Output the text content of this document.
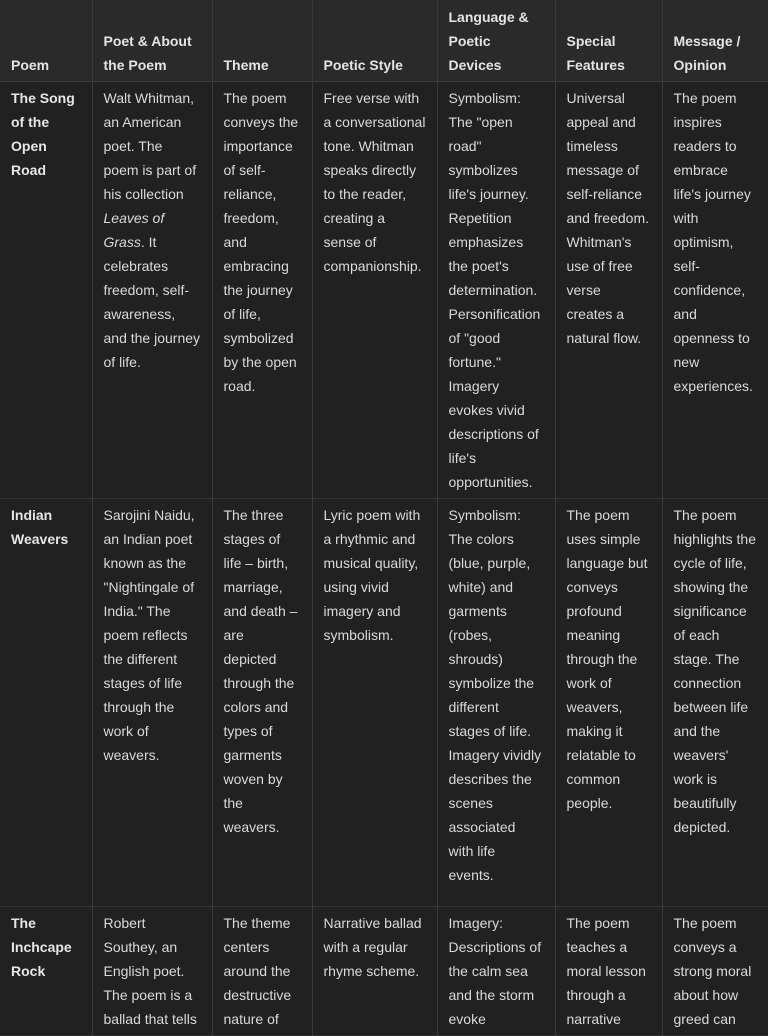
Poem	Poet & About the Poem	Theme	Poetic Style	Language & Poetic Devices	Special Features	Message / Opinion
The Song of the Open Road	Walt Whitman, an American poet. The poem is part of his collection Leaves of Grass. It celebrates freedom, self-awareness, and the journey of life.	The poem conveys the importance of self-reliance, freedom, and embracing the journey of life, symbolized by the open road.	Free verse with a conversational tone. Whitman speaks directly to the reader, creating a sense of companionship.	Symbolism: The "open road" symbolizes life's journey. Repetition emphasizes the poet's determination. Personification of "good fortune." Imagery evokes vivid descriptions of life's opportunities.	Universal appeal and timeless message of self-reliance and freedom. Whitman's use of free verse creates a natural flow.	The poem inspires readers to embrace life's journey with optimism, self-confidence, and openness to new experiences.
Indian Weavers	Sarojini Naidu, an Indian poet known as the "Nightingale of India." The poem reflects the different stages of life through the work of weavers.	The three stages of life – birth, marriage, and death – are depicted through the colors and types of garments woven by the weavers.	Lyric poem with a rhythmic and musical quality, using vivid imagery and symbolism.	Symbolism: The colors (blue, purple, white) and garments (robes, shrouds) symbolize the different stages of life. Imagery vividly describes the scenes associated with life events.	The poem uses simple language but conveys profound meaning through the work of weavers, making it relatable to common people.	The poem highlights the cycle of life, showing the significance of each stage. The connection between life and the weavers' work is beautifully depicted.
The Inchcape Rock	Robert Southey, an English poet. The poem is a ballad that tells	The theme centers around the destructive nature of	Narrative ballad with a regular rhyme scheme.	Imagery: Descriptions of the calm sea and the storm evoke	The poem teaches a moral lesson through a narrative	The poem conveys a strong moral about how greed can
